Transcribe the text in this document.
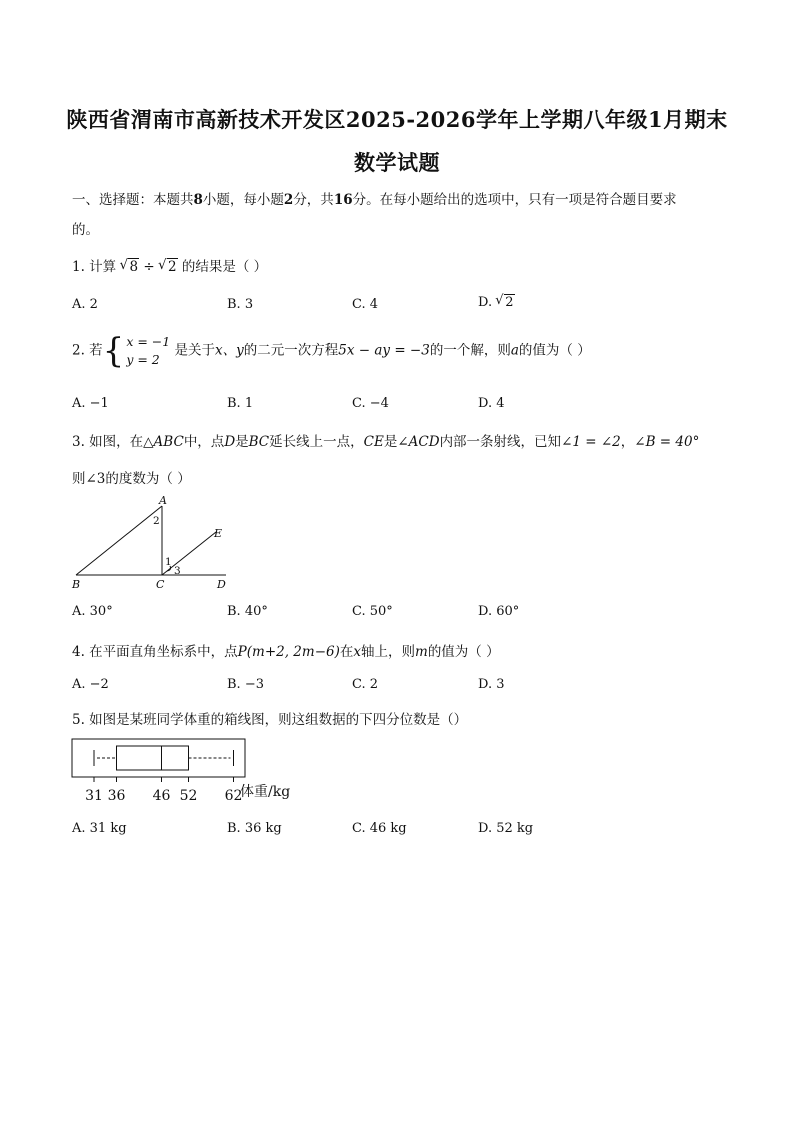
陕西省渭南市高新技术开发区2025-2026学年上学期八年级1月期末
数学试题
一、选择题：本题共8小题，每小题2分，共16分。在每小题给出的选项中，只有一项是符合题目要求
的。
1. 计算 √ 8 ÷ √ 2 的结果是（ ）
A. 2	B. 3	C. 4	D. √ 2
2. 若{ x = −1
y = 2 是关于x、y的二元一次方程5x − ay = −3的一个解，则a的值为（ ）
A. −1	B. 1	C. −4	D. 4
3. 如图，在△ABC中，点D是BC延长线上一点，CE是∠ACD内部一条射线，已知∠1 = ∠2，∠B = 40°
则∠3的度数为（ ）
A
B	C	D
E
2
1
3
A. 30°	B. 40°	C. 50°	D. 60°
4. 在平面直角坐标系中，点P(m+2, 2m−6)在x轴上，则m的值为（ ）
A. −2	B. −3	C. 2	D. 3
5. 如图是某班同学体重的箱线图，则这组数据的下四分位数是（）
31 36 46 52 62
体重/kg
A. 31 kg	B. 36 kg	C. 46 kg	D. 52 kg
